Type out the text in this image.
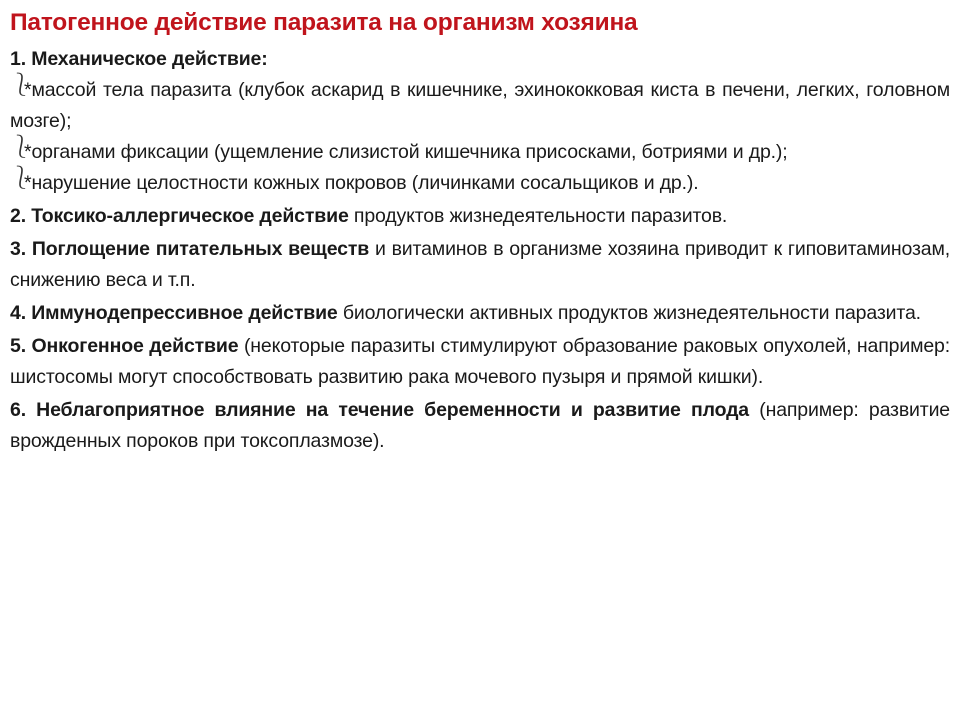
Патогенное действие паразита на организм хозяина

1. Механическое действие:

⎱*массой тела паразита (клубок аскарид в кишечнике, эхинококковая киста в печени, легких, головном мозге);

⎱*органами фиксации (ущемление слизистой кишечника присосками, ботриями и др.);

⎱*нарушение целостности кожных покровов (личинками сосальщиков и др.).

2. Токсико-аллергическое действие продуктов жизнедеятельности паразитов.

3. Поглощение питательных веществ и витаминов в организме хозяина приводит к гиповитаминозам, снижению веса и т.п.

4. Иммунодепрессивное действие биологически активных продуктов жизнедеятельности паразита.

5. Онкогенное действие (некоторые паразиты стимулируют образование раковых опухолей, например: шистосомы могут способствовать развитию рака мочевого пузыря и прямой кишки).

6. Неблагоприятное влияние на течение беременности и развитие плода (например: развитие врожденных пороков при токсоплазмозе).
